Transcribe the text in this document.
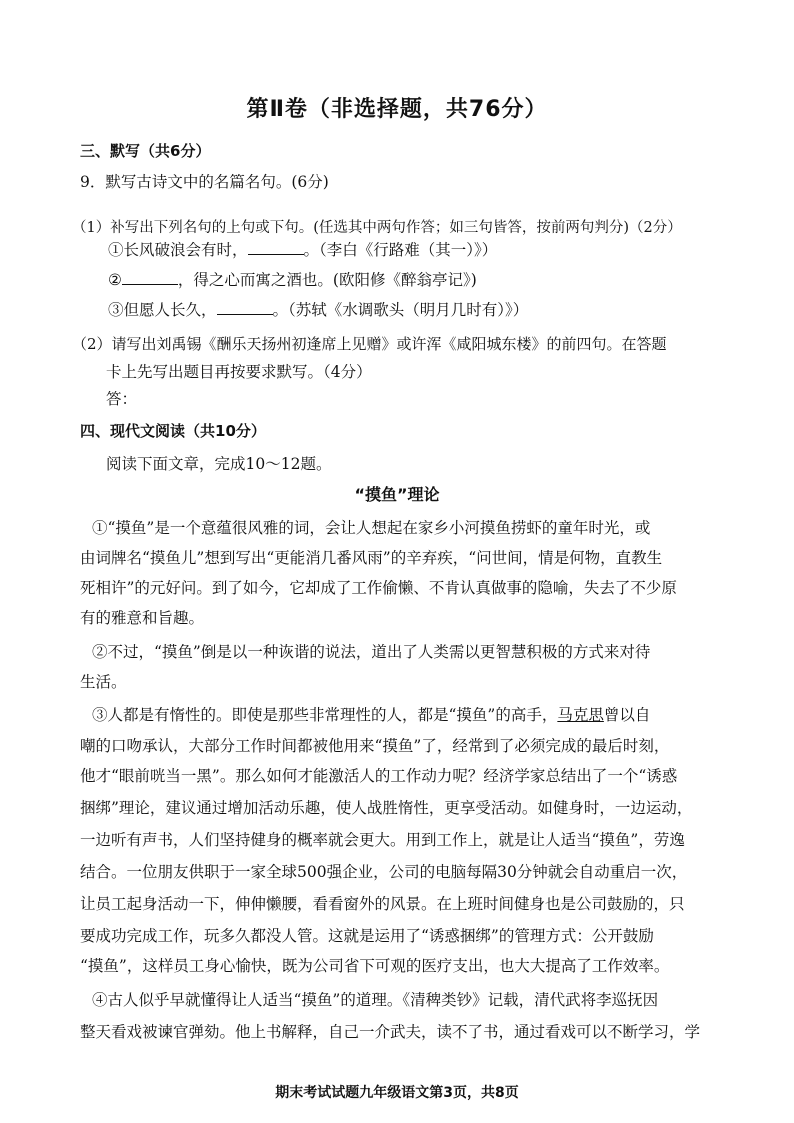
第Ⅱ卷（非选择题，共76分）
三、默写（共6分）
9．默写古诗文中的名篇名句。(6分)
（1）补写出下列名句的上句或下句。(任选其中两句作答；如三句皆答，按前两句判分)（2分）
①长风破浪会有时，	。（李白《行路难（其一）》）
②	，得之心而寓之酒也。(欧阳修《醉翁亭记》)
③但愿人长久，	。（苏轼《水调歌头（明月几时有）》）
（2）请写出刘禹锡《酬乐天扬州初逢席上见赠》或许浑《咸阳城东楼》的前四句。在答题
卡上先写出题目再按要求默写。（4分）
答：
四、现代文阅读（共10分）
阅读下面文章，完成10～12题。
“摸鱼”理论
①“摸鱼”是一个意蕴很风雅的词，会让人想起在家乡小河摸鱼捞虾的童年时光，或
由词牌名“摸鱼儿”想到写出“更能消几番风雨”的辛弃疾，“问世间，情是何物，直教生
死相许”的元好问。到了如今，它却成了工作偷懒、不肯认真做事的隐喻，失去了不少原
有的雅意和旨趣。
②不过，“摸鱼”倒是以一种诙谐的说法，道出了人类需以更智慧积极的方式来对待
生活。
③人都是有惰性的。即使是那些非常理性的人，都是“摸鱼”的高手，马克思曾以自
嘲的口吻承认，大部分工作时间都被他用来“摸鱼”了，经常到了必须完成的最后时刻，
他才“眼前咣当一黑”。那么如何才能激活人的工作动力呢？经济学家总结出了一个“诱惑
捆绑”理论，建议通过增加活动乐趣，使人战胜惰性，更享受活动。如健身时，一边运动，
一边听有声书，人们坚持健身的概率就会更大。用到工作上，就是让人适当“摸鱼”，劳逸
结合。一位朋友供职于一家全球500强企业，公司的电脑每隔30分钟就会自动重启一次，
让员工起身活动一下，伸伸懒腰，看看窗外的风景。在上班时间健身也是公司鼓励的，只
要成功完成工作，玩多久都没人管。这就是运用了“诱惑捆绑”的管理方式：公开鼓励
“摸鱼”，这样员工身心愉快，既为公司省下可观的医疗支出，也大大提高了工作效率。
④古人似乎早就懂得让人适当“摸鱼”的道理。《清稗类钞》记载，清代武将李巡抚因
整天看戏被谏官弹劾。他上书解释，自己一介武夫，读不了书，通过看戏可以不断学习，学
期末考试试题九年级语文第3页，共8页
